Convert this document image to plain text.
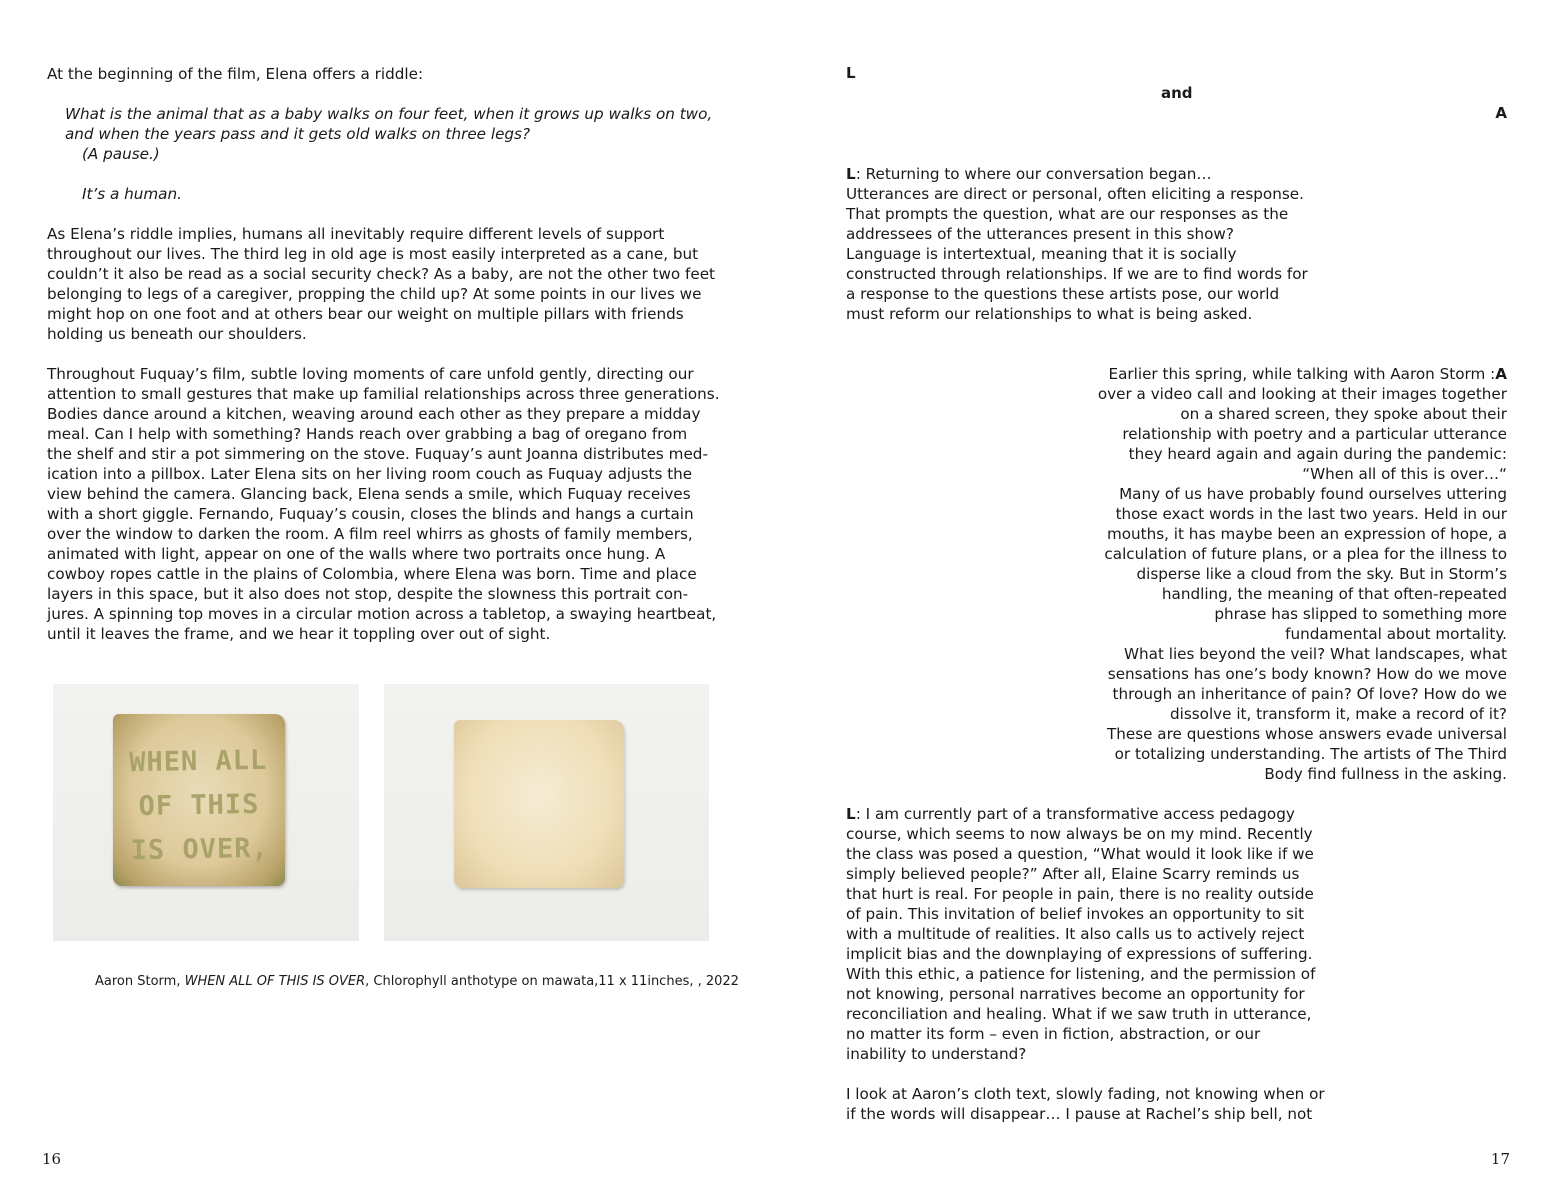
At the beginning of the film, Elena offers a riddle:

What is the animal that as a baby walks on four feet, when it grows up walks on two,
and when the years pass and it gets old walks on three legs?
(A pause.)
It’s a human.
As Elena’s riddle implies, humans all inevitably require different levels of support
throughout our lives. The third leg in old age is most easily interpreted as a cane, but
couldn’t it also be read as a social security check? As a baby, are not the other two feet
belonging to legs of a caregiver, propping the child up? At some points in our lives we
might hop on one foot and at others bear our weight on multiple pillars with friends
holding us beneath our shoulders.
Throughout Fuquay’s film, subtle loving moments of care unfold gently, directing our
attention to small gestures that make up familial relationships across three generations.
Bodies dance around a kitchen, weaving around each other as they prepare a midday
meal. Can I help with something? Hands reach over grabbing a bag of oregano from
the shelf and stir a pot simmering on the stove. Fuquay’s aunt Joanna distributes med-
ication into a pillbox. Later Elena sits on her living room couch as Fuquay adjusts the
view behind the camera. Glancing back, Elena sends a smile, which Fuquay receives
with a short giggle. Fernando, Fuquay’s cousin, closes the blinds and hangs a curtain
over the window to darken the room. A film reel whirrs as ghosts of family members,
animated with light, appear on one of the walls where two portraits once hung. A
cowboy ropes cattle in the plains of Colombia, where Elena was born. Time and place
layers in this space, but it also does not stop, despite the slowness this portrait con-
jures. A spinning top moves in a circular motion across a tabletop, a swaying heartbeat,
until it leaves the frame, and we hear it toppling over out of sight.
WHEN ALL
OF THIS
IS OVER,

Aaron Storm, WHEN ALL OF THIS IS OVER, Chlorophyll anthotype on mawata,11 x 11inches, , 2022

16
L
and
A
L: Returning to where our conversation began…
Utterances are direct or personal, often eliciting a response.
That prompts the question, what are our responses as the
addressees of the utterances present in this show?
Language is intertextual, meaning that it is socially
constructed through relationships. If we are to find words for
a response to the questions these artists pose, our world
must reform our relationships to what is being asked.
Earlier this spring, while talking with Aaron Storm :A
over a video call and looking at their images together
on a shared screen, they spoke about their
relationship with poetry and a particular utterance
they heard again and again during the pandemic:
“When all of this is over…“
Many of us have probably found ourselves uttering
those exact words in the last two years. Held in our
mouths, it has maybe been an expression of hope, a
calculation of future plans, or a plea for the illness to
disperse like a cloud from the sky. But in Storm’s
handling, the meaning of that often-repeated
phrase has slipped to something more
fundamental about mortality.
What lies beyond the veil? What landscapes, what
sensations has one’s body known? How do we move
through an inheritance of pain? Of love? How do we
dissolve it, transform it, make a record of it?
These are questions whose answers evade universal
or totalizing understanding. The artists of The Third
Body find fullness in the asking.
L: I am currently part of a transformative access pedagogy
course, which seems to now always be on my mind. Recently
the class was posed a question, “What would it look like if we
simply believed people?” After all, Elaine Scarry reminds us
that hurt is real. For people in pain, there is no reality outside
of pain. This invitation of belief invokes an opportunity to sit
with a multitude of realities. It also calls us to actively reject
implicit bias and the downplaying of expressions of suffering.
With this ethic, a patience for listening, and the permission of
not knowing, personal narratives become an opportunity for
reconciliation and healing. What if we saw truth in utterance,
no matter its form – even in fiction, abstraction, or our
inability to understand?
I look at Aaron’s cloth text, slowly fading, not knowing when or
if the words will disappear… I pause at Rachel’s ship bell, not
17
